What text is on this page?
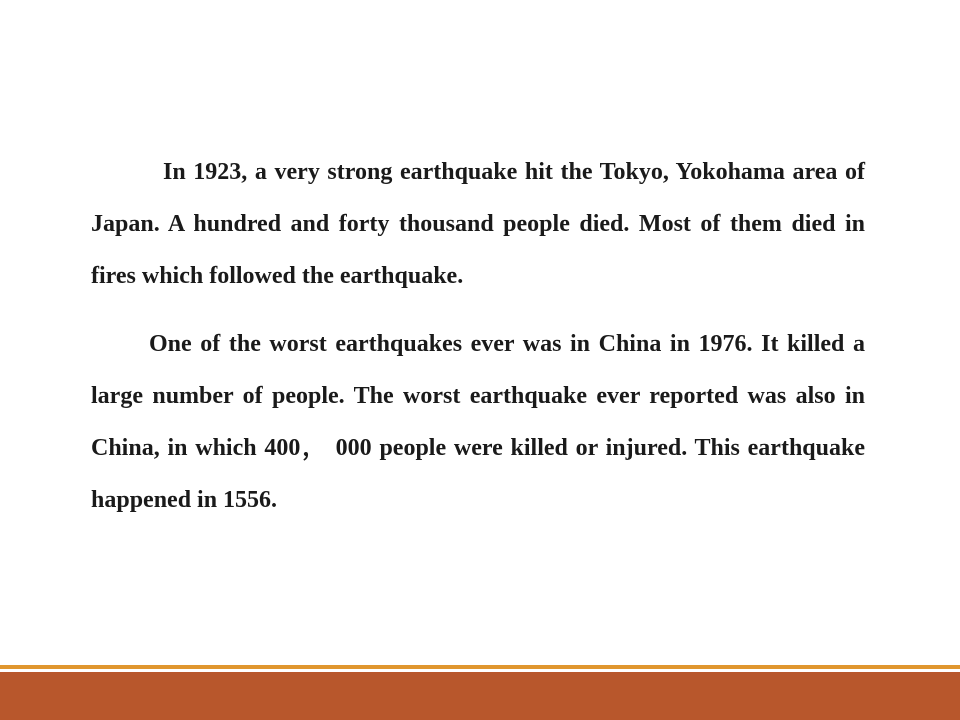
In 1923, a very strong earthquake hit the Tokyo, Yokohama area of Japan. A hundred and forty thousand people died. Most of them died in fires which followed the earthquake.

One of the worst earthquakes ever was in China in 1976. It killed a large number of people. The worst earthquake ever reported was also in China, in which 400， 000 people were killed or injured. This earthquake happened in 1556.
